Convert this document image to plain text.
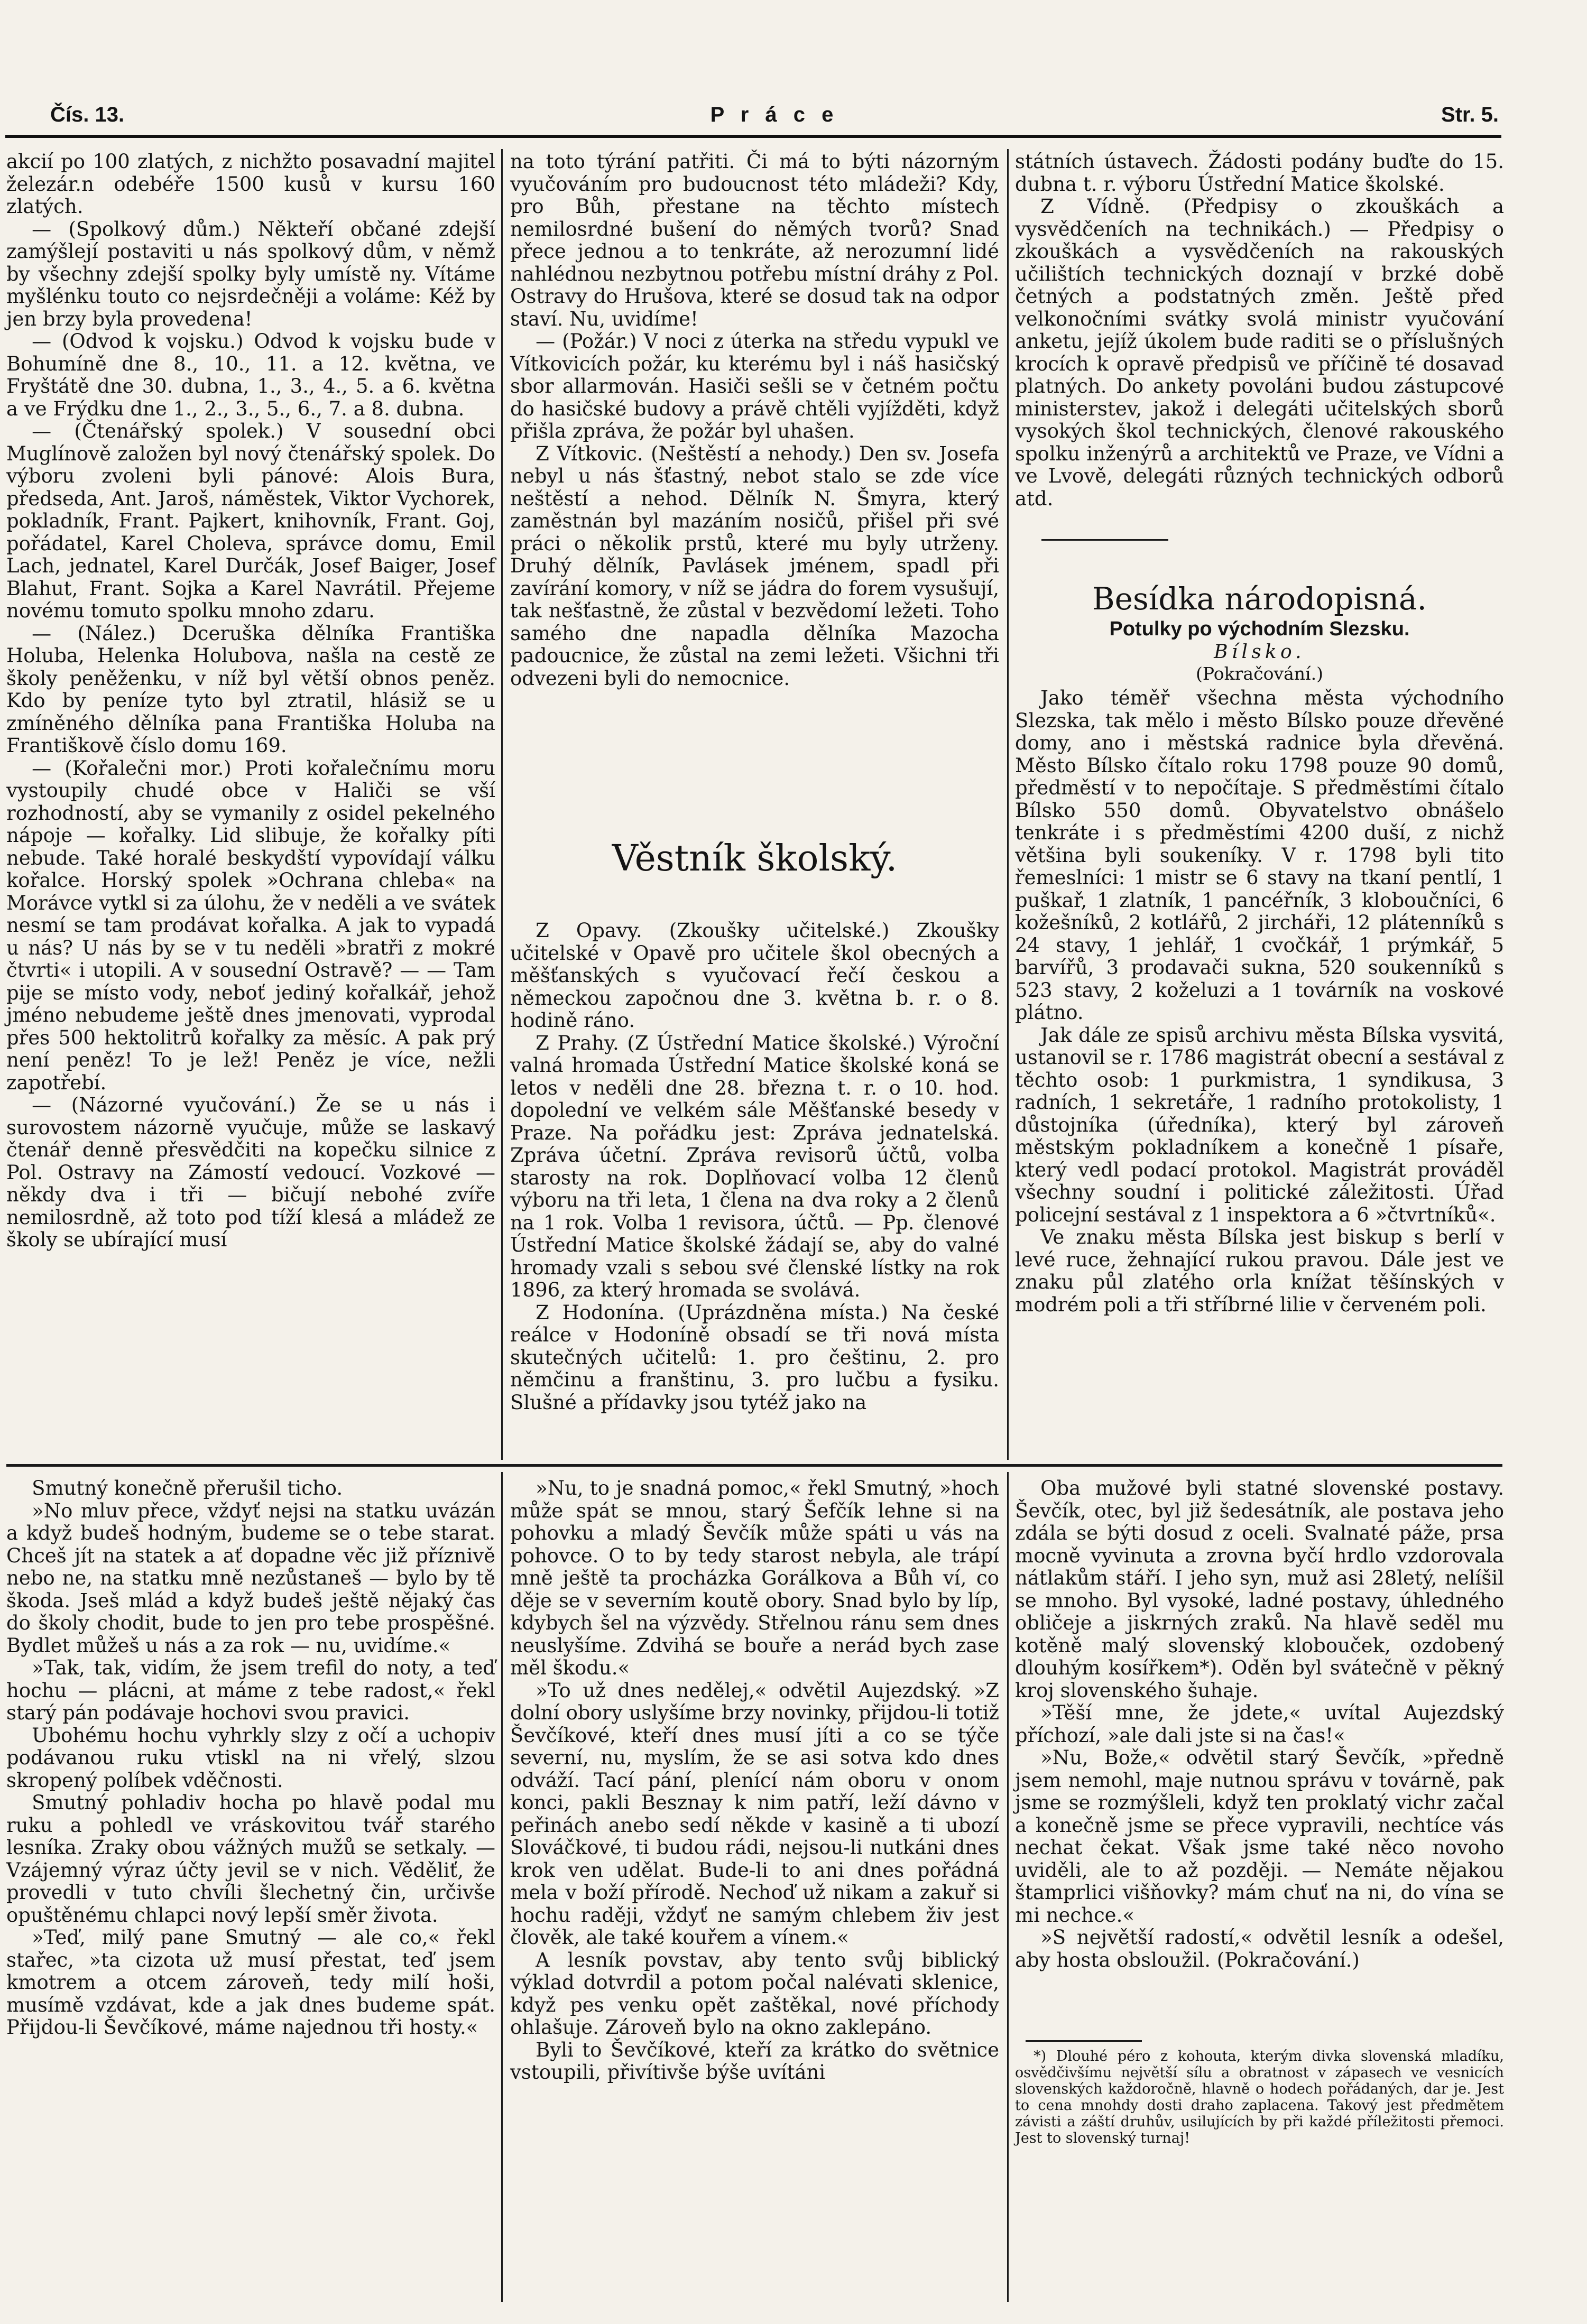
Čís. 13.	P r á c e	Str. 5.

akcií po 100 zlatých, z nichžto posavadní majitel železár.n odebéře 1500 kusů v kursu 160 zlatých.

— (Spolkový dům.) Někteří občané zdejší zamýšlejí postaviti u nás spolkový dům, v němž by všechny zdejší spolky byly umístě ny. Vítáme myšlénku touto co nejsrdečněji a voláme: Kéž by jen brzy byla provedena!

— (Odvod k vojsku.) Odvod k vojsku bude v Bohumíně dne 8., 10., 11. a 12. května, ve Fryštátě dne 30. dubna, 1., 3., 4., 5. a 6. května a ve Frýdku dne 1., 2., 3., 5., 6., 7. a 8. dubna.

— (Čtenářský spolek.) V sousední obci Muglínově založen byl nový čtenářský spolek. Do výboru zvoleni byli pánové: Alois Bura, předseda, Ant. Jaroš, náměstek, Viktor Vychorek, pokladník, Frant. Pajkert, knihovník, Frant. Goj, pořádatel, Karel Choleva, správce domu, Emil Lach, jednatel, Karel Durčák, Josef Baiger, Josef Blahut, Frant. Sojka a Karel Navrátil. Přejeme novému tomuto spolku mnoho zdaru.

— (Nález.) Dceruška dělníka Františka Holuba, Helenka Holubova, našla na cestě ze školy peněženku, v níž byl větší obnos peněz. Kdo by peníze tyto byl ztratil, hlásiž se u zmíněného dělníka pana Františka Holuba na Františkově číslo domu 169.

— (Kořalečni mor.) Proti kořalečnímu moru vystoupily chudé obce v Haliči se vší rozhodností, aby se vymanily z osidel pekelného nápoje — kořalky. Lid slibuje, že kořalky píti nebude. Také horalé beskydští vypovídají válku kořalce. Horský spolek »Ochrana chleba« na Morávce vytkl si za úlohu, že v neděli a ve svátek nesmí se tam prodávat kořalka. A jak to vypadá u nás? U nás by se v tu neděli »bratři z mokré čtvrti« i utopili. A v sousední Ostravě? — — Tam pije se místo vody, neboť jediný kořalkář, jehož jméno nebudeme ještě dnes jmenovati, vyprodal přes 500 hektolitrů kořalky za měsíc. A pak prý není peněz! To je lež! Peněz je více, nežli zapotřebí.

— (Názorné vyučování.) Že se u nás i surovostem názorně vyučuje, může se laskavý čtenář denně přesvědčiti na kopečku silnice z Pol. Ostravy na Zámostí vedoucí. Vozkové — někdy dva i tři — bičují nebohé zvíře nemilosrdně, až toto pod tíží klesá a mládež ze školy se ubírající musí

na toto týrání patřiti. Či má to býti názorným vyučováním pro budoucnost této mládeži? Kdy, pro Bůh, přestane na těchto místech nemilosrdné bušení do němých tvorů? Snad přece jednou a to tenkráte, až nerozumní lidé nahlédnou nezbytnou potřebu místní dráhy z Pol. Ostravy do Hrušova, které se dosud tak na odpor staví. Nu, uvidíme!

— (Požár.) V noci z úterka na středu vypukl ve Vítkovicích požár, ku kterému byl i náš hasičský sbor allarmován. Hasiči sešli se v četném počtu do hasičské budovy a právě chtěli vyjížděti, když přišla zpráva, že požár byl uhašen.

Z Vítkovic. (Neštěstí a nehody.) Den sv. Josefa nebyl u nás šťastný, nebot stalo se zde více neštěstí a nehod. Dělník N. Šmyra, který zaměstnán byl mazáním nosičů, přišel při své práci o několik prstů, které mu byly utrženy. Druhý dělník, Pavlásek jménem, spadl při zavírání komory, v níž se jádra do forem vysušují, tak nešťastně, že zůstal v bezvědomí ležeti. Toho samého dne napadla dělníka Mazocha padoucnice, že zůstal na zemi ležeti. Všichni tři odvezeni byli do nemocnice.

Věstník školský.

Z Opavy. (Zkoušky učitelské.) Zkoušky učitelské v Opavě pro učitele škol obecných a měšťanských s vyučovací řečí českou a německou započnou dne 3. května b. r. o 8. hodině ráno.

Z Prahy. (Z Ústřední Matice školské.) Výroční valná hromada Ústřední Matice školské koná se letos v neděli dne 28. března t. r. o 10. hod. dopolední ve velkém sále Měšťanské besedy v Praze. Na pořádku jest: Zpráva jednatelská. Zpráva účetní. Zpráva revisorů účtů, volba starosty na rok. Doplňovací volba 12 členů výboru na tři leta, 1 člena na dva roky a 2 členů na 1 rok. Volba 1 revisora, účtů. — Pp. členové Ústřední Matice školské žádají se, aby do valné hromady vzali s sebou své členské lístky na rok 1896, za který hromada se svolává.

Z Hodonína. (Uprázdněna místa.) Na české reálce v Hodoníně obsadí se tři nová místa skutečných učitelů: 1. pro češtinu, 2. pro němčinu a franštinu, 3. pro lučbu a fysiku. Slušné a přídavky jsou tytéž jako na

státních ústavech. Žádosti podány buďte do 15. dubna t. r. výboru Ústřední Matice školské.

Z Vídně. (Předpisy o zkouškách a vysvědčeních na technikách.) — Předpisy o zkouškách a vysvědčeních na rakouských učilištích technických doznají v brzké době četných a podstatných změn. Ještě před velkonočními svátky svolá ministr vyučování anketu, jejíž úkolem bude raditi se o příslušných krocích k opravě předpisů ve příčině té dosavad platných. Do ankety povoláni budou zástupcové ministerstev, jakož i delegáti učitelských sborů vysokých škol technických, členové rakouského spolku inženýrů a architektů ve Praze, ve Vídni a ve Lvově, delegáti různých technických odborů atd.

Besídka národopisná.
Potulky po východním Slezsku.
Bílsko.
(Pokračování.)

Jako téměř všechna města východního Slezska, tak mělo i město Bílsko pouze dřevěné domy, ano i městská radnice byla dřevěná. Město Bílsko čítalo roku 1798 pouze 90 domů, předměstí v to nepočítaje. S předměstími čítalo Bílsko 550 domů. Obyvatelstvo obnášelo tenkráte i s předměstími 4200 duší, z nichž většina byli soukeníky. V r. 1798 byli tito řemeslníci: 1 mistr se 6 stavy na tkaní pentlí, 1 puškař, 1 zlatník, 1 pancéřník, 3 kloboučníci, 6 kožešníků, 2 kotlářů, 2 jircháři, 12 plátenníků s 24 stavy, 1 jehlář, 1 cvočkář, 1 prýmkář, 5 barvířů, 3 prodavači sukna, 520 soukenníků s 523 stavy, 2 koželuzi a 1 továrník na voskové plátno.

Jak dále ze spisů archivu města Bílska vysvitá, ustanovil se r. 1786 magistrát obecní a sestával z těchto osob: 1 purkmistra, 1 syndikusa, 3 radních, 1 sekretáře, 1 radního protokolisty, 1 důstojníka (úředníka), který byl zároveň městským pokladníkem a konečně 1 písaře, který vedl podací protokol. Magistrát prováděl všechny soudní i politické záležitosti. Úřad policejní sestával z 1 inspektora a 6 »čtvrtníků«.

Ve znaku města Bílska jest biskup s berlí v levé ruce, žehnající rukou pravou. Dále jest ve znaku půl zlatého orla knížat těšínských v modrém poli a tři stříbrné lilie v červeném poli.

Smutný konečně přerušil ticho.

»No mluv přece, vždyť nejsi na statku uvázán a když budeš hodným, budeme se o tebe starat. Chceš jít na statek a ať dopadne věc již příznivě nebo ne, na statku mně nezůstaneš — bylo by tě škoda. Jseš mlád a když budeš ještě nějaký čas do školy chodit, bude to jen pro tebe prospěšné. Bydlet můžeš u nás a za rok — nu, uvidíme.«

»Tak, tak, vidím, že jsem trefil do noty, a teď hochu — plácni, at máme z tebe radost,« řekl starý pán podávaje hochovi svou pravici.

Ubohému hochu vyhrkly slzy z očí a uchopiv podávanou ruku vtiskl na ni vřelý, slzou skropený políbek vděčnosti.

Smutný pohladiv hocha po hlavě podal mu ruku a pohledl ve vráskovitou tvář starého lesníka. Zraky obou vážných mužů se setkaly. — Vzájemný výraz účty jevil se v nich. Věděliť, že provedli v tuto chvíli šlechetný čin, určivše opuštěnému chlapci nový lepší směr života.

»Teď, milý pane Smutný — ale co,« řekl stařec, »ta cizota už musí přestat, teď jsem kmotrem a otcem zároveň, tedy milí hoši, musímě vzdávat, kde a jak dnes budeme spát. Přijdou-li Ševčíkové, máme najednou tři hosty.«

»Nu, to je snadná pomoc,« řekl Smutný, »hoch může spát se mnou, starý Šefčík lehne si na pohovku a mladý Ševčík může spáti u vás na pohovce. O to by tedy starost nebyla, ale trápí mně ještě ta procházka Gorálkova a Bůh ví, co děje se v severním koutě obory. Snad bylo by líp, kdybych šel na výzvědy. Střelnou ránu sem dnes neuslyšíme. Zdvihá se bouře a nerád bych zase měl škodu.«

»To už dnes nedělej,« odvětil Aujezdský. »Z dolní obory uslyšíme brzy novinky, přijdou-li totiž Ševčíkové, kteří dnes musí jíti a co se týče severní, nu, myslím, že se asi sotva kdo dnes odváží. Tací pání, plenící nám oboru v onom konci, pakli Besznay k nim patří, leží dávno v peřinách anebo sedí někde v kasině a ti ubozí Slováčkové, ti budou rádi, nejsou-li nutkáni dnes krok ven udělat. Bude-li to ani dnes pořádná mela v boží přírodě. Nechoď už nikam a zakuř si hochu raději, vždyť ne samým chlebem živ jest člověk, ale také kouřem a vínem.«

A lesník povstav, aby tento svůj biblický výklad dotvrdil a potom počal nalévati sklenice, když pes venku opět zaštěkal, nové příchody ohlašuje. Zároveň bylo na okno zaklepáno.

Byli to Ševčíkové, kteří za krátko do světnice vstoupili, přivítivše býše uvítáni

Oba mužové byli statné slovenské postavy. Ševčík, otec, byl již šedesátník, ale postava jeho zdála se býti dosud z oceli. Svalnaté páže, prsa mocně vyvinuta a zrovna byčí hrdlo vzdorovala nátlakům stáří. I jeho syn, muž asi 28letý, nelíšil se mnoho. Byl vysoké, ladné postavy, úhledného obličeje a jiskrných zraků. Na hlavě seděl mu kotěně malý slovenský klobouček, ozdobený dlouhým kosířkem*). Oděn byl svátečně v pěkný kroj slovenského šuhaje.

»Těší mne, že jdete,« uvítal Aujezdský příchozí, »ale dali jste si na čas!«

»Nu, Bože,« odvětil starý Ševčík, »předně jsem nemohl, maje nutnou správu v továrně, pak jsme se rozmýšleli, když ten proklatý vichr začal a konečně jsme se přece vypravili, nechtíce vás nechat čekat. Však jsme také něco novoho uviděli, ale to až později. — Nemáte nějakou štamprlici višňovky? mám chuť na ni, do vína se mi nechce.«

»S největší radostí,« odvětil lesník a odešel, aby hosta obsloužil. (Pokračování.)

*) Dlouhé péro z kohouta, kterým divka slovenská mladíku, osvědčivšímu největší sílu a obratnost v zápasech ve vesnicích slovenských každoročně, hlavně o hodech pořádaných, dar je. Jest to cena mnohdy dosti draho zaplacena. Takový jest předmětem závisti a záští druhův, usilujících by při každé příležitosti přemoci. Jest to slovenský turnaj!
